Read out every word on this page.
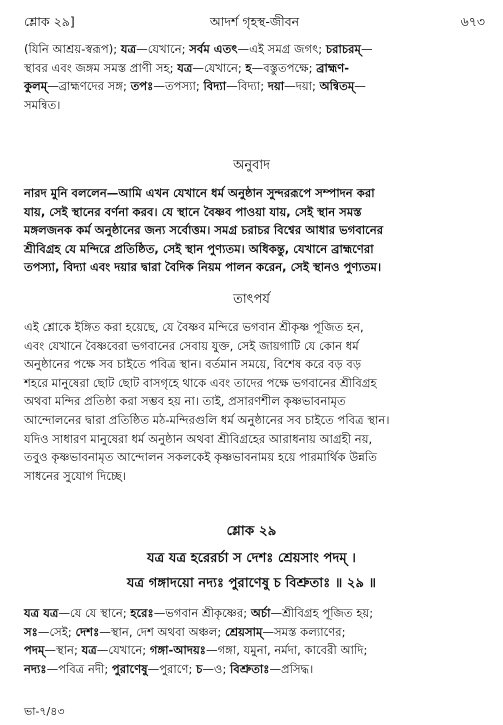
শ্লোক ২৯]	আদর্শ গৃহস্থ-জীবন	৬৭৩

(যিনি আশ্রয়-স্বরূপ); যত্র—যেখানে; সর্বম এতৎ—এই সমগ্র জগৎ; চরাচরম্—

স্থাবর এবং জঙ্গম সমস্ত প্রাণী সহ; যত্র—যেখানে; হ—বস্তুতপক্ষে; ব্রাহ্মণ-

কুলম্—ব্রাহ্মণদের সঙ্গ; তপঃ—তপস্যা; বিদ্যা—বিদ্যা; দয়া—দয়া; অন্বিতম্—

সমন্বিত।

অনুবাদ

নারদ মুনি বললেন—আমি এখন যেখানে ধর্ম অনুষ্ঠান সুন্দররূপে সম্পাদন করা

যায়, সেই স্থানের বর্ণনা করব। যে স্থানে বৈষ্ণব পাওয়া যায়, সেই স্থান সমস্ত

মঙ্গলজনক কর্ম অনুষ্ঠানের জন্য সর্বোত্তম। সমগ্র চরাচর বিশ্বের আধার ভগবানের

শ্রীবিগ্রহ যে মন্দিরে প্রতিষ্ঠিত, সেই স্থান পুণ্যতম। অধিকন্তু, যেখানে ব্রাহ্মণেরা

তপস্যা, বিদ্যা এবং দয়ার দ্বারা বৈদিক নিয়ম পালন করেন, সেই স্থানও পুণ্যতম।

তাৎপর্য

এই শ্লোকে ইঙ্গিত করা হয়েছে, যে বৈষ্ণব মন্দিরে ভগবান শ্রীকৃষ্ণ পূজিত হন,

এবং যেখানে বৈষ্ণবেরা ভগবানের সেবায় যুক্ত, সেই জায়গাটি যে কোন ধর্ম

অনুষ্ঠানের পক্ষে সব চাইতে পবিত্র স্থান। বর্তমান সময়ে, বিশেষ করে বড় বড়

শহরে মানুষেরা ছোট ছোট বাসগৃহে থাকে এবং তাদের পক্ষে ভগবানের শ্রীবিগ্রহ

অথবা মন্দির প্রতিষ্ঠা করা সম্ভব হয় না। তাই, প্রসারণশীল কৃষ্ণভাবনামৃত

আন্দোলনের দ্বারা প্রতিষ্ঠিত মঠ-মন্দিরগুলি ধর্ম অনুষ্ঠানের সব চাইতে পবিত্র স্থান।

যদিও সাধারণ মানুষেরা ধর্ম অনুষ্ঠান অথবা শ্রীবিগ্রহের আরাধনায় আগ্রহী নয়,

তবুও কৃষ্ণভাবনামৃত আন্দোলন সকলকেই কৃষ্ণভাবনাময় হয়ে পারমার্থিক উন্নতি

সাধনের সুযোগ দিচ্ছে।

শ্লোক ২৯
যত্র যত্র হরেরর্চা স দেশঃ শ্রেয়সাং পদম্ ।
যত্র গঙ্গাদয়ো নদ্যঃ পুরাণেষু চ বিশ্রুতাঃ ॥ ২৯ ॥

যত্র যত্র—যে যে স্থানে; হরেঃ—ভগবান শ্রীকৃষ্ণের; অর্চা—শ্রীবিগ্রহ পূজিত হয়;

সঃ—সেই; দেশঃ—স্থান, দেশ অথবা অঞ্চল; শ্রেয়সাম্—সমস্ত কল্যাণের;

পদম্—স্থান; যত্র—যেখানে; গঙ্গা-আদয়ঃ—গঙ্গা, যমুনা, নর্মদা, কাবেরী আদি;

নদ্যঃ—পবিত্র নদী; পুরাণেষু—পুরাণে; চ—ও; বিশ্রুতাঃ—প্রসিদ্ধ।

ভা-৭/৪৩
